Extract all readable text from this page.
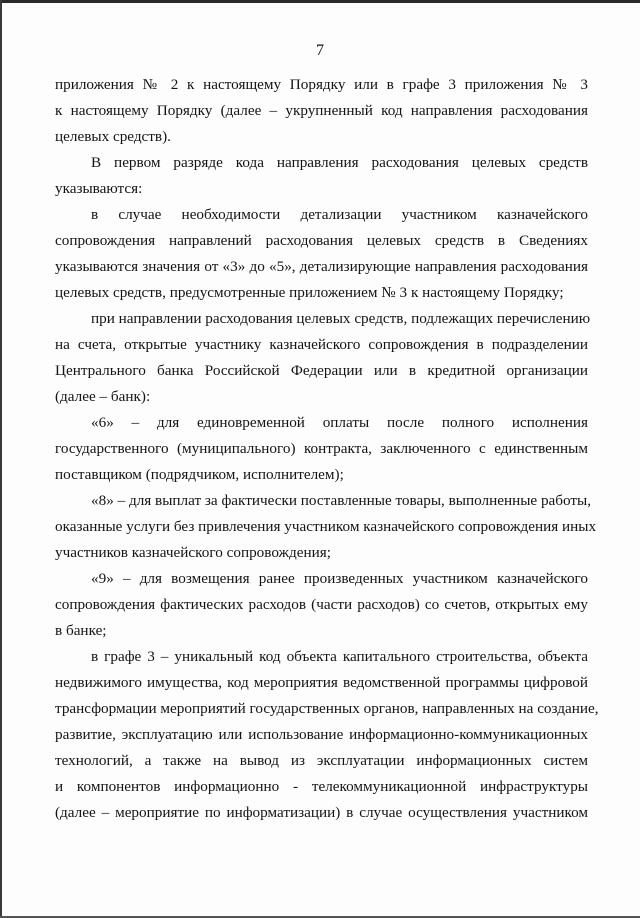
7
приложения № 2 к настоящему Порядку или в графе 3 приложения № 3
к настоящему Порядку (далее – укрупненный код направления расходования
целевых средств).
В первом разряде кода направления расходования целевых средств
указываются:
в случае необходимости детализации участником казначейского
сопровождения направлений расходования целевых средств в Сведениях
указываются значения от «3» до «5», детализирующие направления расходования
целевых средств, предусмотренные приложением № 3 к настоящему Порядку;
при направлении расходования целевых средств, подлежащих перечислению
на счета, открытые участнику казначейского сопровождения в подразделении
Центрального банка Российской Федерации или в кредитной организации
(далее – банк):
«6» – для единовременной оплаты после полного исполнения
государственного (муниципального) контракта, заключенного с единственным
поставщиком (подрядчиком, исполнителем);
«8» – для выплат за фактически поставленные товары, выполненные работы,
оказанные услуги без привлечения участником казначейского сопровождения иных
участников казначейского сопровождения;
«9» – для возмещения ранее произведенных участником казначейского
сопровождения фактических расходов (части расходов) со счетов, открытых ему
в банке;
в графе 3 – уникальный код объекта капитального строительства, объекта
недвижимого имущества, код мероприятия ведомственной программы цифровой
трансформации мероприятий государственных органов, направленных на создание,
развитие, эксплуатацию или использование информационно-коммуникационных
технологий, а также на вывод из эксплуатации информационных систем
и компонентов информационно - телекоммуникационной инфраструктуры
(далее – мероприятие по информатизации) в случае осуществления участником
